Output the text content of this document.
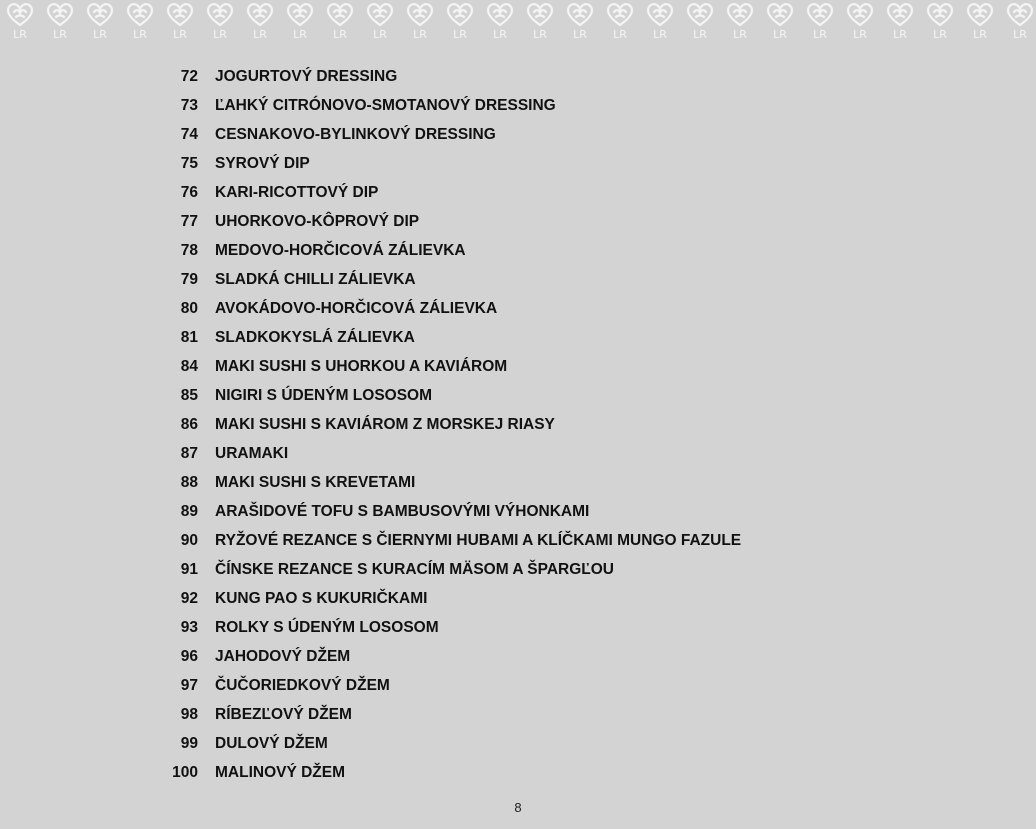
LR LR LR LR LR LR LR LR LR LR LR LR LR LR LR LR LR LR LR LR LR LR LR LR LR LR
72 JOGURTOVÝ DRESSING
73 ĽAHKÝ CITRÓNOVO-SMOTANOVÝ DRESSING
74 CESNAKOVO-BYLINKOVÝ DRESSING
75 SYROVÝ DIP
76 KARI-RICOTTOVÝ DIP
77 UHORKOVO-KÔPROVÝ DIP
78 MEDOVO-HORČICOVÁ ZÁLIEVKA
79 SLADKÁ CHILLI ZÁLIEVKA
80 AVOKÁDOVO-HORČICOVÁ ZÁLIEVKA
81 SLADKOKYSLÁ ZÁLIEVKA
84 MAKI SUSHI S UHORKOU A KAVIÁROM
85 NIGIRI S ÚDENÝM LOSOSOM
86 MAKI SUSHI S KAVIÁROM Z MORSKEJ RIASY
87 URAMAKI
88 MAKI SUSHI S KREVETAMI
89 ARAŠIDOVÉ TOFU S BAMBUSOVÝMI VÝHONKAMI
90 RYŽOVÉ REZANCE S ČIERNYMI HUBAMI A KLÍČKAMI MUNGO FAZULE
91 ČÍNSKE REZANCE S KURACÍM MÄSOM A ŠPARGĽOU
92 KUNG PAO S KUKURIČKAMI
93 ROLKY S ÚDENÝM LOSOSOM
96 JAHODOVÝ DŽEM
97 ČUČORIEDKOVÝ DŽEM
98 RÍBEZĽOVÝ DŽEM
99 DULOVÝ DŽEM
100 MALINOVÝ DŽEM
8
